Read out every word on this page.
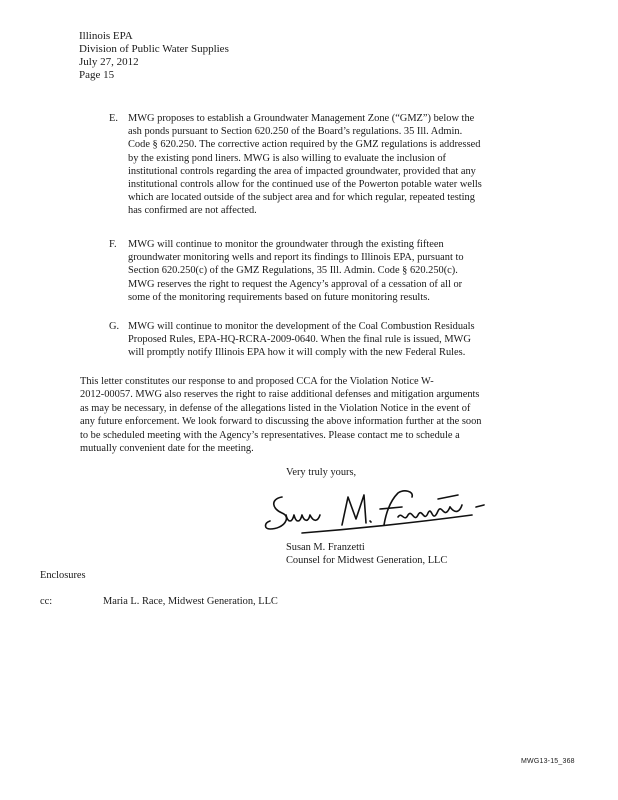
Illinois EPA
Division of Public Water Supplies
July 27, 2012
Page 15
E. MWG proposes to establish a Groundwater Management Zone (“GMZ”) below the
ash ponds pursuant to Section 620.250 of the Board’s regulations. 35 Ill. Admin.
Code § 620.250. The corrective action required by the GMZ regulations is addressed
by the existing pond liners. MWG is also willing to evaluate the inclusion of
institutional controls regarding the area of impacted groundwater, provided that any
institutional controls allow for the continued use of the Powerton potable water wells
which are located outside of the subject area and for which regular, repeated testing
has confirmed are not affected.
F.	MWG will continue to monitor the groundwater through the existing fifteen
groundwater monitoring wells and report its findings to Illinois EPA, pursuant to
Section 620.250(c) of the GMZ Regulations, 35 Ill. Admin. Code § 620.250(c).
MWG reserves the right to request the Agency’s approval of a cessation of all or
some of the monitoring requirements based on future monitoring results.
G. MWG will continue to monitor the development of the Coal Combustion Residuals
Proposed Rules, EPA-HQ-RCRA-2009-0640. When the final rule is issued, MWG
will promptly notify Illinois EPA how it will comply with the new Federal Rules.
This letter constitutes our response to and proposed CCA for the Violation Notice W-
2012-00057. MWG also reserves the right to raise additional defenses and mitigation arguments
as may be necessary, in defense of the allegations listed in the Violation Notice in the event of
any future enforcement. We look forward to discussing the above information further at the soon
to be scheduled meeting with the Agency’s representatives. Please contact me to schedule a
mutually convenient date for the meeting.
Very truly yours,
Susan M. Franzetti
Counsel for Midwest Generation, LLC
Enclosures
cc:	Maria L. Race, Midwest Generation, LLC
MWG13-15_368
